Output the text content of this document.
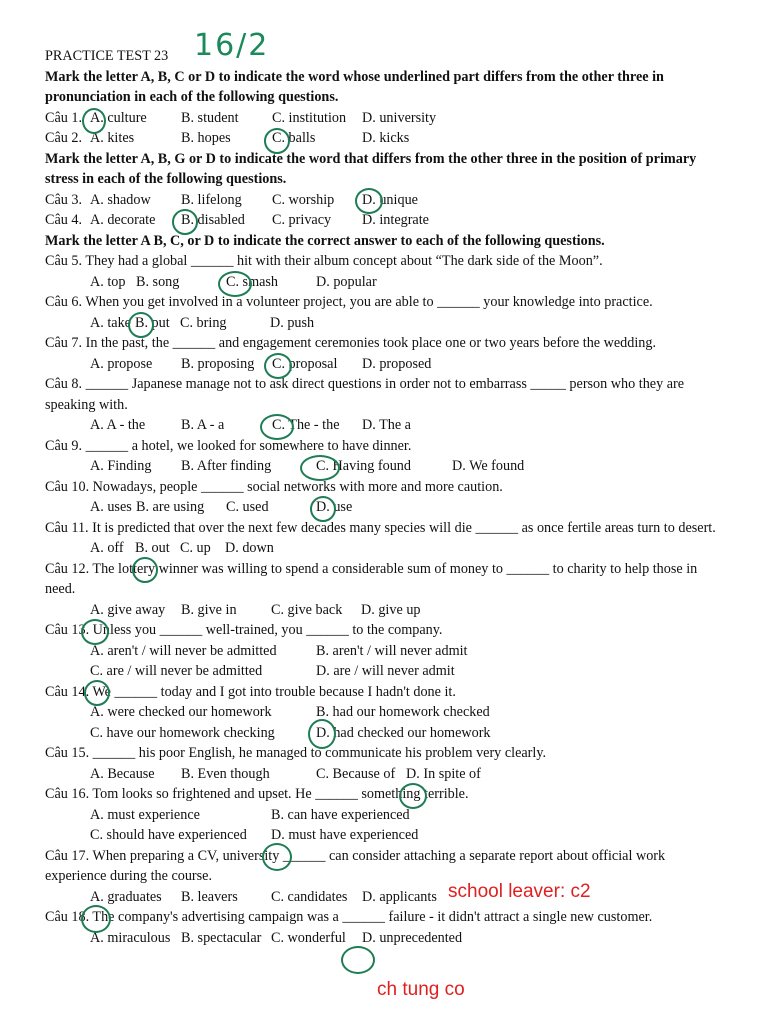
16/2
school leaver: c2
ch tung co
PRACTICE TEST 23
Mark the letter A, B, C or D to indicate the word whose underlined part differs from the other three in pronunciation in each of the following questions.
Câu 1. A. culture B. student C. institution D. university
Câu 2. A. kites	B. hopes	C. balls	D. kicks
Mark the letter A, B, G or D to indicate the word that differs from the other three in the position of primary stress in each of the following questions.
Câu 3. A. shadow B. lifelong C. worship D. unique
Câu 4. A. decorate B. disabled C. privacy D. integrate
Mark the letter A B, C, or D to indicate the correct answer to each of the following questions.
Câu 5. They had a global ______ hit with their album concept about “The dark side of the Moon”.
A. top B. song	C. smash	D. popular
Câu 6. When you get involved in a volunteer project, you are able to ______ your knowledge into practice.
A. take B. put C. bring	D. push
Câu 7. In the past, the ______ and engagement ceremonies took place one or two years before the wedding.
A. propose B. proposing C. proposal D. proposed
Câu 8. ______ Japanese manage not to ask direct questions in order not to embarrass _____ person who they are speaking with.
A. A - the	B. A - a	C. The - the D. The a
Câu 9. ______ a hotel, we looked for somewhere to have dinner.
A. Finding B. After finding	C. Having found	D. We found
Câu 10. Nowadays, people ______ social networks with more and more caution.
A. uses B. are using C. used	D. use
Câu 11. It is predicted that over the next few decades many species will die ______ as once fertile areas turn to desert.
A. off B. out C. up D. down
Câu 12. The lottery winner was willing to spend a considerable sum of money to ______ to charity to help those in need.
A. give away B. give in C. give back D. give up
Câu 13. Unless you ______ well-trained, you ______ to the company.
A. aren't / will never be admitted	B. aren't / will never admit
C. are / will never be admitted	D. are / will never admit
Câu 14. We ______ today and I got into trouble because I hadn't done it.
A. were checked our homework	B. had our homework checked
C. have our homework checking	D. had checked our homework
Câu 15. ______ his poor English, he managed to communicate his problem very clearly.
A. Because B. Even though	C. Because of D. In spite of
Câu 16. Tom looks so frightened and upset. He ______ something terrible.
A. must experience	B. can have experienced
C. should have experienced D. must have experienced
Câu 17. When preparing a CV, university ______ can consider attaching a separate report about official work experience during the course.
A. graduates B. leavers C. candidates D. applicants
Câu 18. The company's advertising campaign was a ______ failure - it didn't attract a single new customer.
A. miraculous B. spectacular C. wonderful D. unprecedented
